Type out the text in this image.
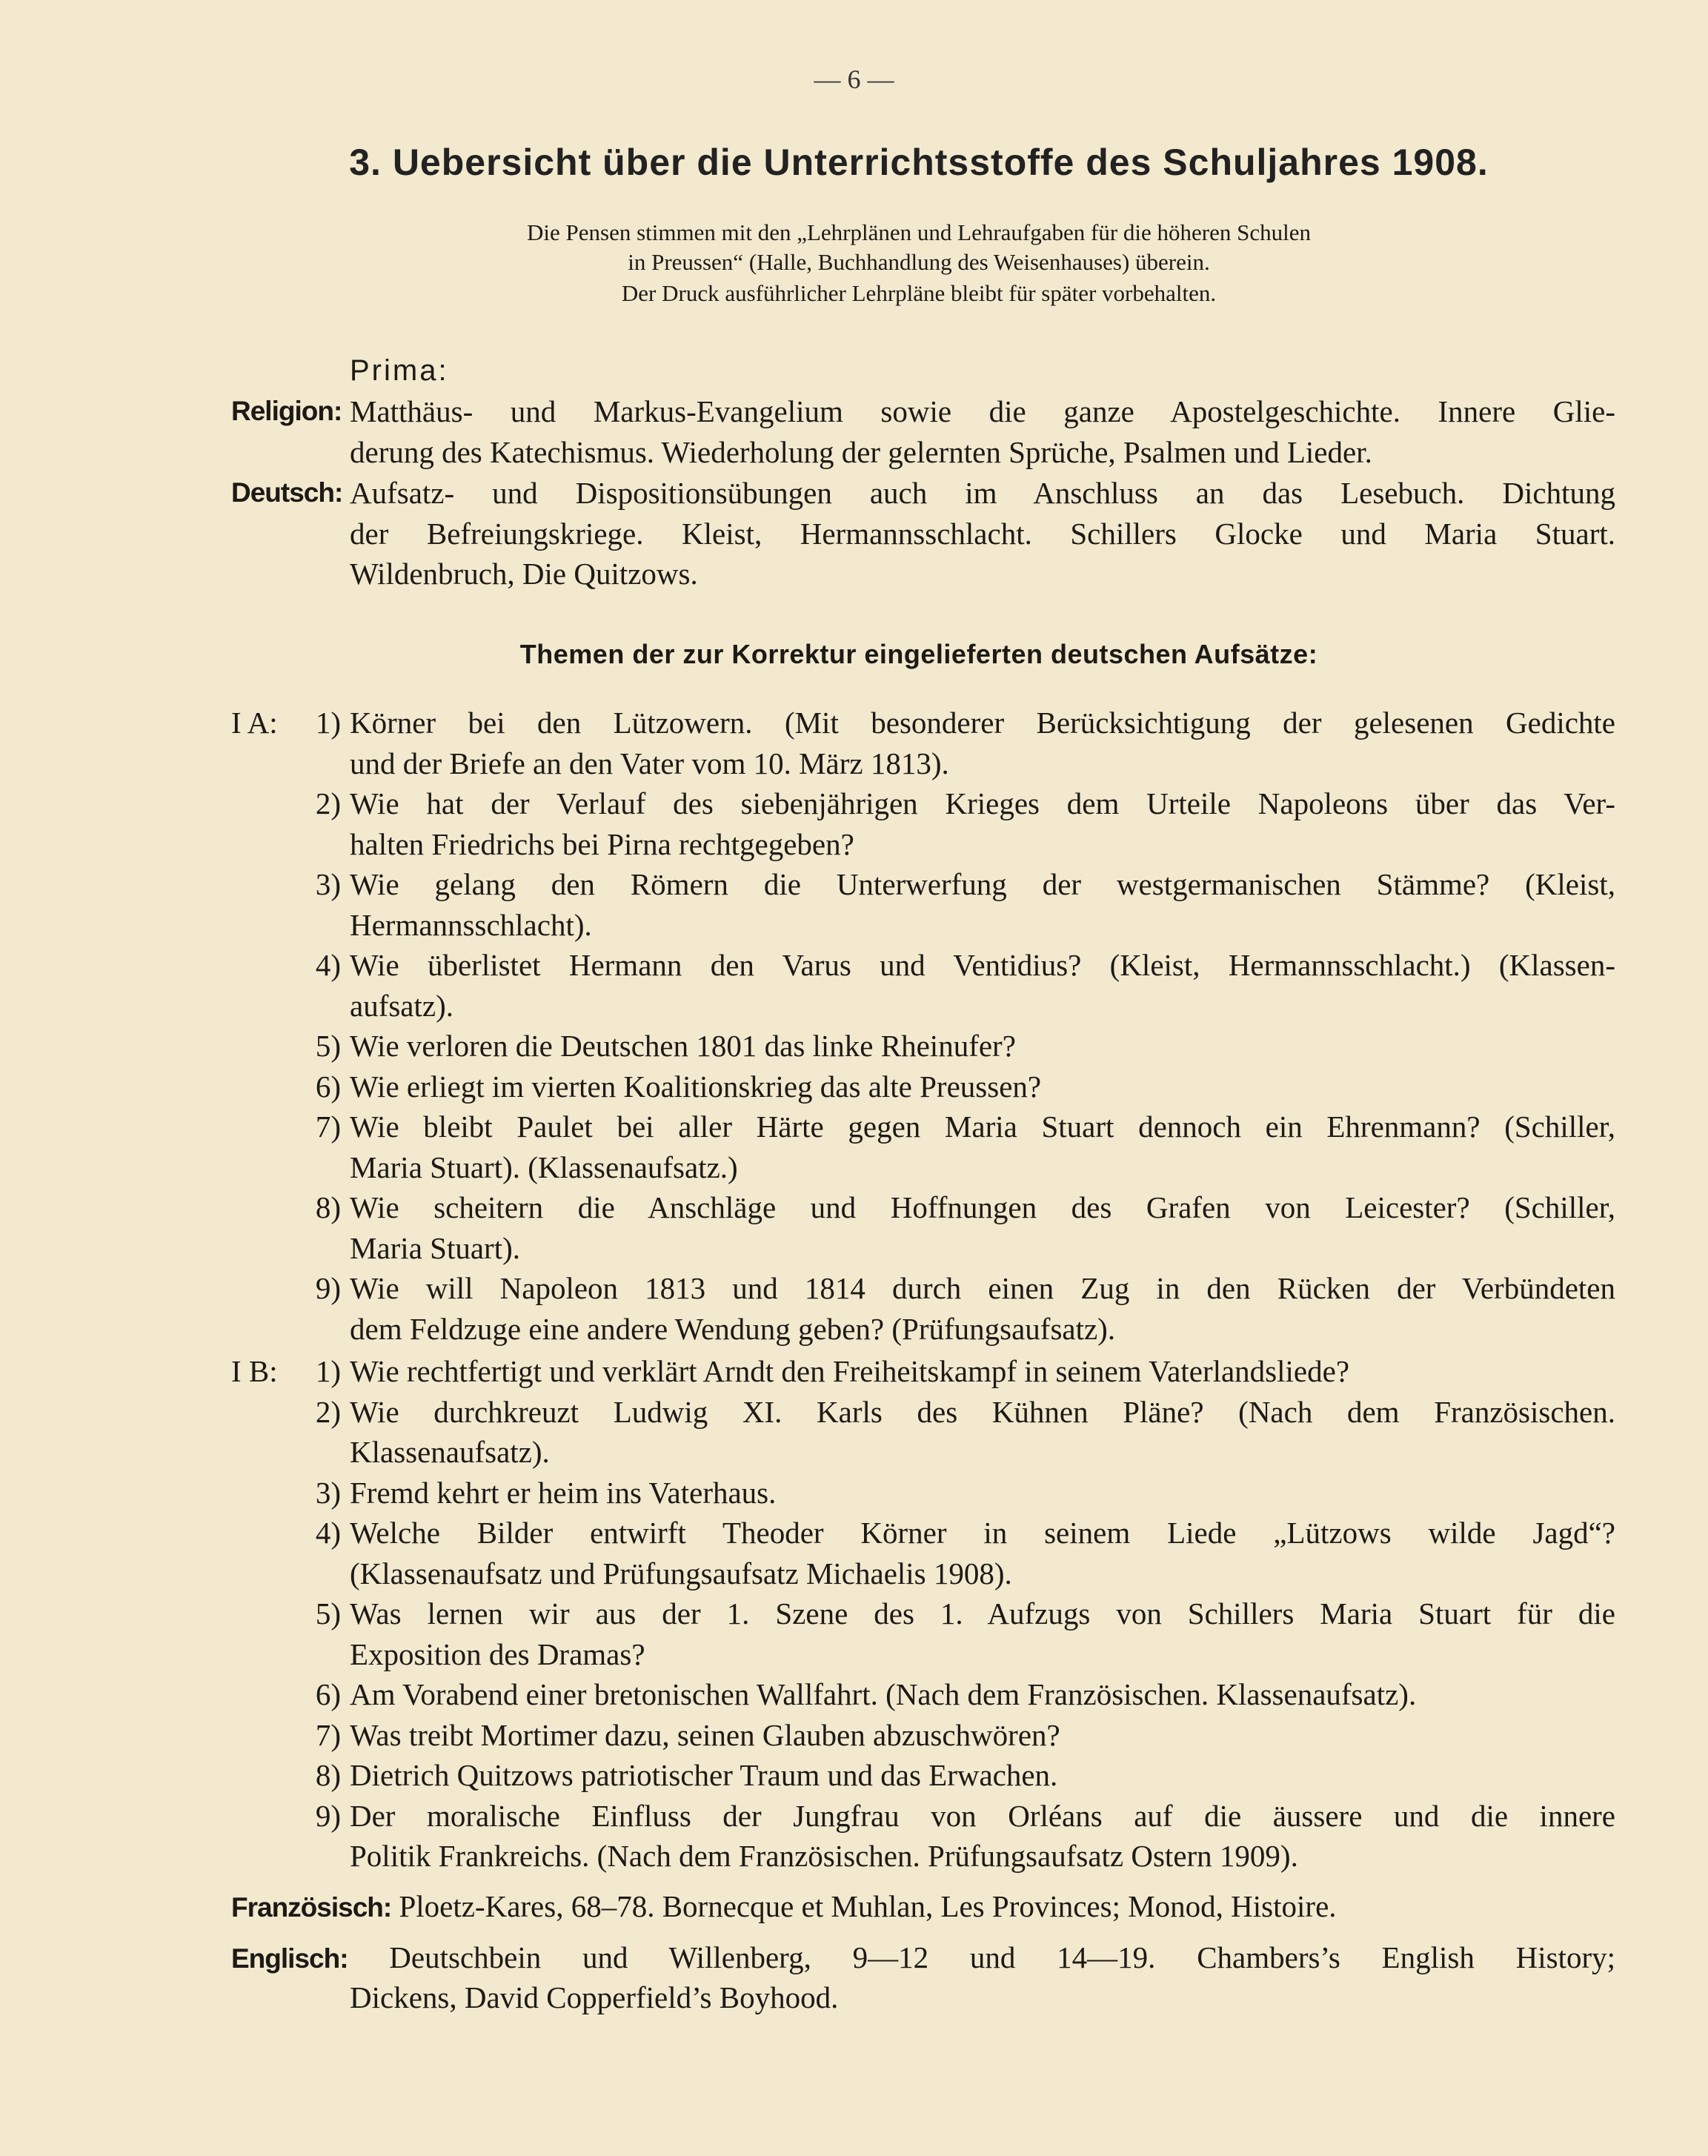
— 6 —
3. Uebersicht über die Unterrichtsstoffe des Schuljahres 1908.
Die Pensen stimmen mit den „Lehrplänen und Lehraufgaben für die höheren Schulen
in Preussen“ (Halle, Buchhandlung des Weisenhauses) überein.
Der Druck ausführlicher Lehrpläne bleibt für später vorbehalten.
Prima:
Religion: Matthäus- und Markus-Evangelium sowie die ganze Apostelgeschichte. Innere Glie-
derung des Katechismus. Wiederholung der gelernten Sprüche, Psalmen und Lieder.
Deutsch: Aufsatz- und Dispositionsübungen auch im Anschluss an das Lesebuch. Dichtung
der Befreiungskriege. Kleist, Hermannsschlacht. Schillers Glocke und Maria Stuart.
Wildenbruch, Die Quitzows.
Themen der zur Korrektur eingelieferten deutschen Aufsätze:
I A:	1) Körner bei den Lützowern. (Mit besonderer Berücksichtigung der gelesenen Gedichte
und der Briefe an den Vater vom 10. März 1813).
2) Wie hat der Verlauf des siebenjährigen Krieges dem Urteile Napoleons über das Ver-
halten Friedrichs bei Pirna rechtgegeben?
3) Wie gelang den Römern die Unterwerfung der westgermanischen Stämme? (Kleist,
Hermannsschlacht).
4) Wie überlistet Hermann den Varus und Ventidius? (Kleist, Hermannsschlacht.) (Klassen-
aufsatz).
5) Wie verloren die Deutschen 1801 das linke Rheinufer?
6) Wie erliegt im vierten Koalitionskrieg das alte Preussen?
7) Wie bleibt Paulet bei aller Härte gegen Maria Stuart dennoch ein Ehrenmann? (Schiller,
Maria Stuart). (Klassenaufsatz.)
8) Wie scheitern die Anschläge und Hoffnungen des Grafen von Leicester? (Schiller,
Maria Stuart).
9) Wie will Napoleon 1813 und 1814 durch einen Zug in den Rücken der Verbündeten
dem Feldzuge eine andere Wendung geben? (Prüfungsaufsatz).
I B:	1) Wie rechtfertigt und verklärt Arndt den Freiheitskampf in seinem Vaterlandsliede?
2) Wie durchkreuzt Ludwig XI. Karls des Kühnen Pläne? (Nach dem Französischen.
Klassenaufsatz).
3) Fremd kehrt er heim ins Vaterhaus.
4) Welche Bilder entwirft Theoder Körner in seinem Liede „Lützows wilde Jagd“?
(Klassenaufsatz und Prüfungsaufsatz Michaelis 1908).
5) Was lernen wir aus der 1. Szene des 1. Aufzugs von Schillers Maria Stuart für die
Exposition des Dramas?
6) Am Vorabend einer bretonischen Wallfahrt. (Nach dem Französischen. Klassenaufsatz).
7) Was treibt Mortimer dazu, seinen Glauben abzuschwören?
8) Dietrich Quitzows patriotischer Traum und das Erwachen.
9) Der moralische Einfluss der Jungfrau von Orléans auf die äussere und die innere
Politik Frankreichs. (Nach dem Französischen. Prüfungsaufsatz Ostern 1909).
Französisch: Ploetz-Kares, 68–78. Bornecque et Muhlan, Les Provinces; Monod, Histoire.
Englisch: Deutschbein und Willenberg, 9—12 und 14—19. Chambers’s English History;
Dickens, David Copperfield’s Boyhood.
